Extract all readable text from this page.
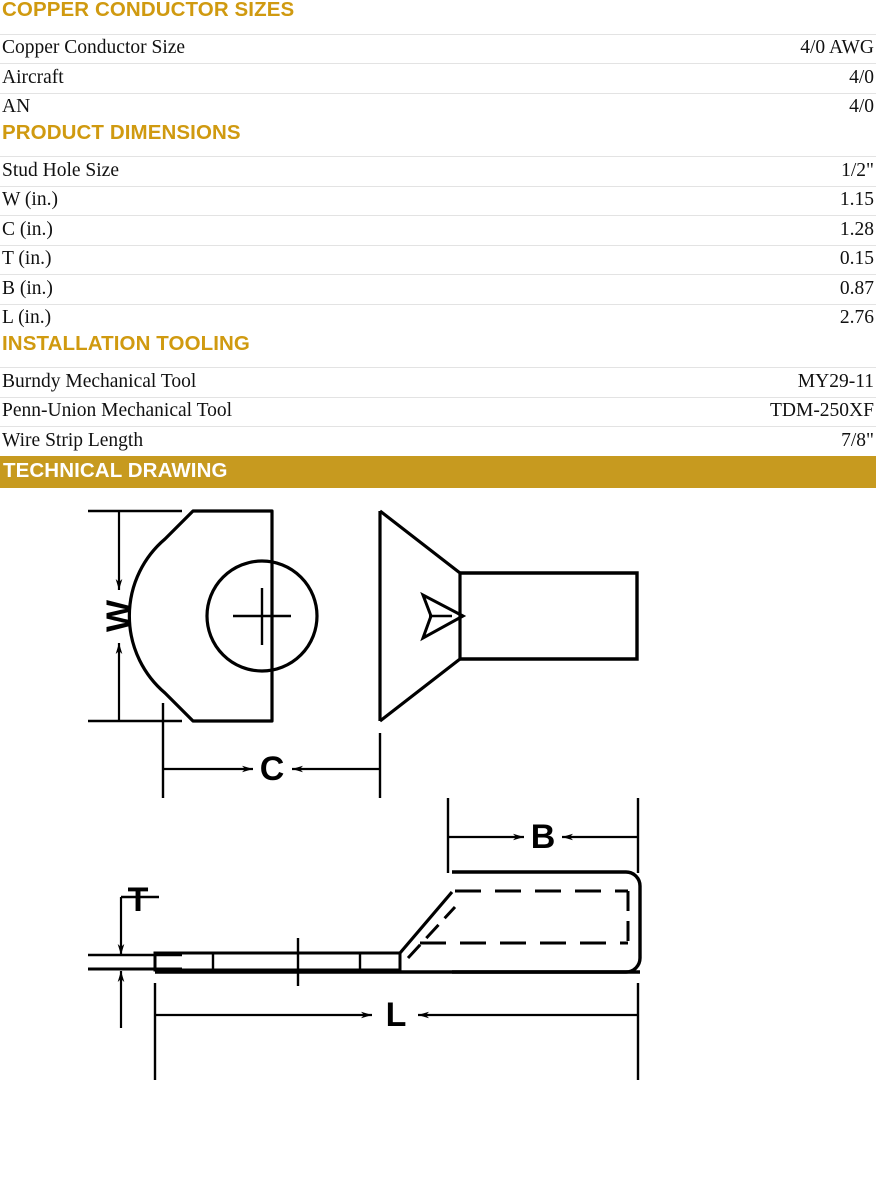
COPPER CONDUCTOR SIZES
Copper Conductor Size	4/0 AWG
Aircraft	4/0
AN	4/0
PRODUCT DIMENSIONS
Stud Hole Size	1/2"
W (in.)	1.15
C (in.)	1.28
T (in.)	0.15
B (in.)	0.87
L (in.)	2.76
INSTALLATION TOOLING
Burndy Mechanical Tool	MY29-11
Penn-Union Mechanical Tool	TDM-250XF
Wire Strip Length	7/8"
TECHNICAL DRAWING
W
C
B
T
L
